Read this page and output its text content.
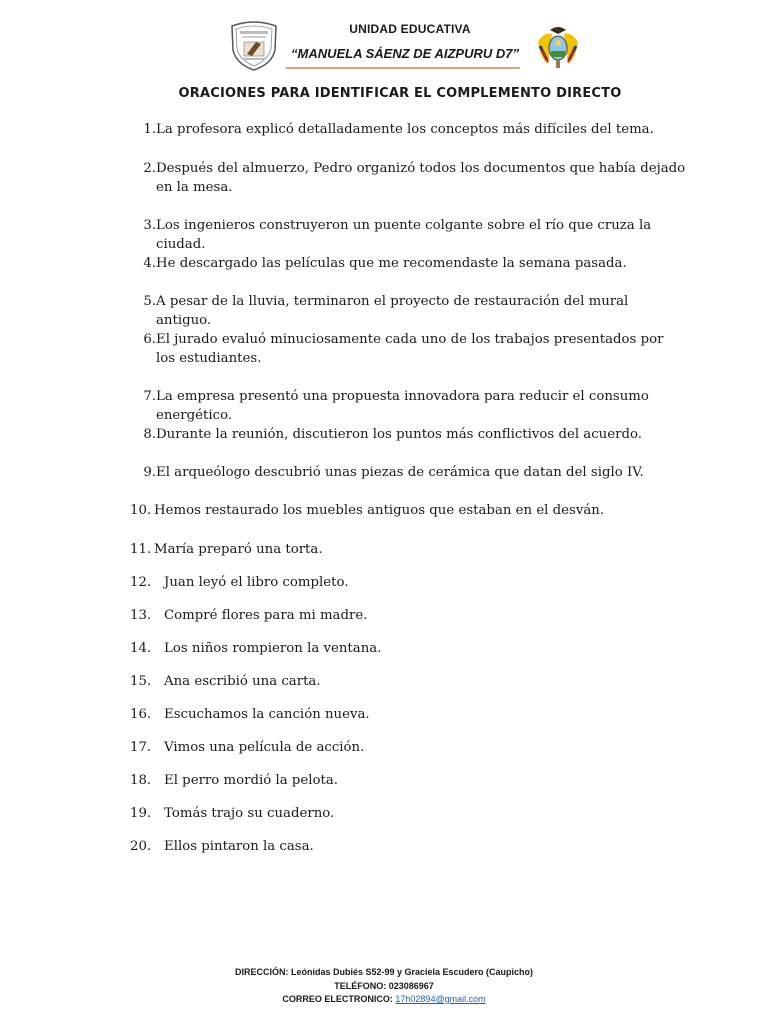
UNIDAD EDUCATIVA
“MANUELA SÁENZ DE AIZPURU D7”
ORACIONES PARA IDENTIFICAR EL COMPLEMENTO DIRECTO
1. La profesora explicó detalladamente los conceptos más difíciles del tema.
2. Después del almuerzo, Pedro organizó todos los documentos que había dejado en la mesa.
3. Los ingenieros construyeron un puente colgante sobre el río que cruza la ciudad.
4. He descargado las películas que me recomendaste la semana pasada.
5. A pesar de la lluvia, terminaron el proyecto de restauración del mural antiguo.
6. El jurado evaluó minuciosamente cada uno de los trabajos presentados por los estudiantes.
7. La empresa presentó una propuesta innovadora para reducir el consumo energético.
8. Durante la reunión, discutieron los puntos más conflictivos del acuerdo.
9. El arqueólogo descubrió unas piezas de cerámica que datan del siglo IV.
10. Hemos restaurado los muebles antiguos que estaban en el desván.
11. María preparó una torta.
12. Juan leyó el libro completo.
13. Compré flores para mi madre.
14. Los niños rompieron la ventana.
15. Ana escribió una carta.
16. Escuchamos la canción nueva.
17. Vimos una película de acción.
18. El perro mordió la pelota.
19. Tomás trajo su cuaderno.
20. Ellos pintaron la casa.
DIRECCIÓN: Leónidas Dubiés S52-99 y Graciela Escudero (Caupicho)
TELÉFONO: 023086967
CORREO ELECTRONICO: 17h02894@gmail.com
